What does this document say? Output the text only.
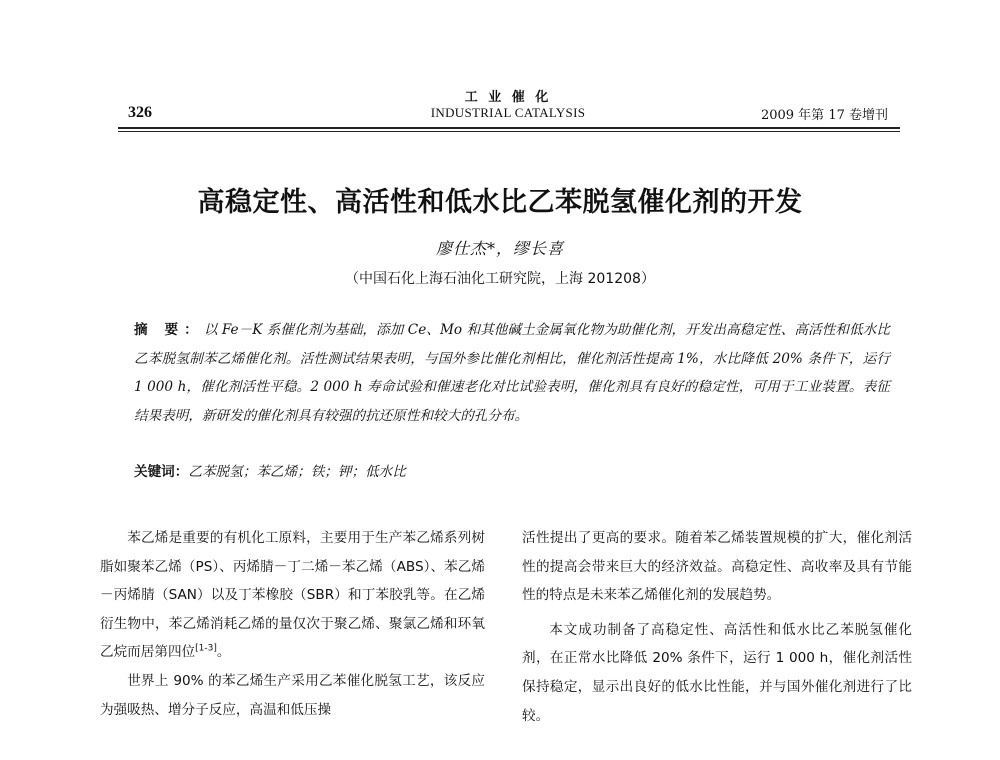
326
工 业 催 化
INDUSTRIAL CATALYSIS	2009 年第 17 卷增刊
高稳定性、高活性和低水比乙苯脱氢催化剂的开发
廖仕杰*，缪长喜
（中国石化上海石油化工研究院，上海 201208）
摘 要：以 Fe－K 系催化剂为基础，添加 Ce、Mo 和其他碱土金属氧化物为助催化剂，开发出高稳定性、高活性和低水比乙苯脱氢制苯乙烯催化剂。活性测试结果表明，与国外参比催化剂相比，催化剂活性提高 1%，水比降低 20% 条件下，运行 1 000 h，催化剂活性平稳。2 000 h 寿命试验和催速老化对比试验表明，催化剂具有良好的稳定性，可用于工业装置。表征结果表明，新研发的催化剂具有较强的抗还原性和较大的孔分布。
关键词：乙苯脱氢；苯乙烯；铁；钾；低水比

苯乙烯是重要的有机化工原料，主要用于生产苯乙烯系列树脂如聚苯乙烯（PS）、丙烯腈－丁二烯－苯乙烯（ABS）、苯乙烯－丙烯腈（SAN）以及丁苯橡胶（SBR）和丁苯胶乳等。在乙烯衍生物中，苯乙烯消耗乙烯的量仅次于聚乙烯、聚氯乙烯和环氧乙烷而居第四位[1-3]。

世界上 90% 的苯乙烯生产采用乙苯催化脱氢工艺，该反应为强吸热、增分子反应，高温和低压操

活性提出了更高的要求。随着苯乙烯装置规模的扩大，催化剂活性的提高会带来巨大的经济效益。高稳定性、高收率及具有节能性的特点是未来苯乙烯催化剂的发展趋势。

本文成功制备了高稳定性、高活性和低水比乙苯脱氢催化剂，在正常水比降低 20% 条件下，运行 1 000 h，催化剂活性保持稳定，显示出良好的低水比性能，并与国外催化剂进行了比较。
